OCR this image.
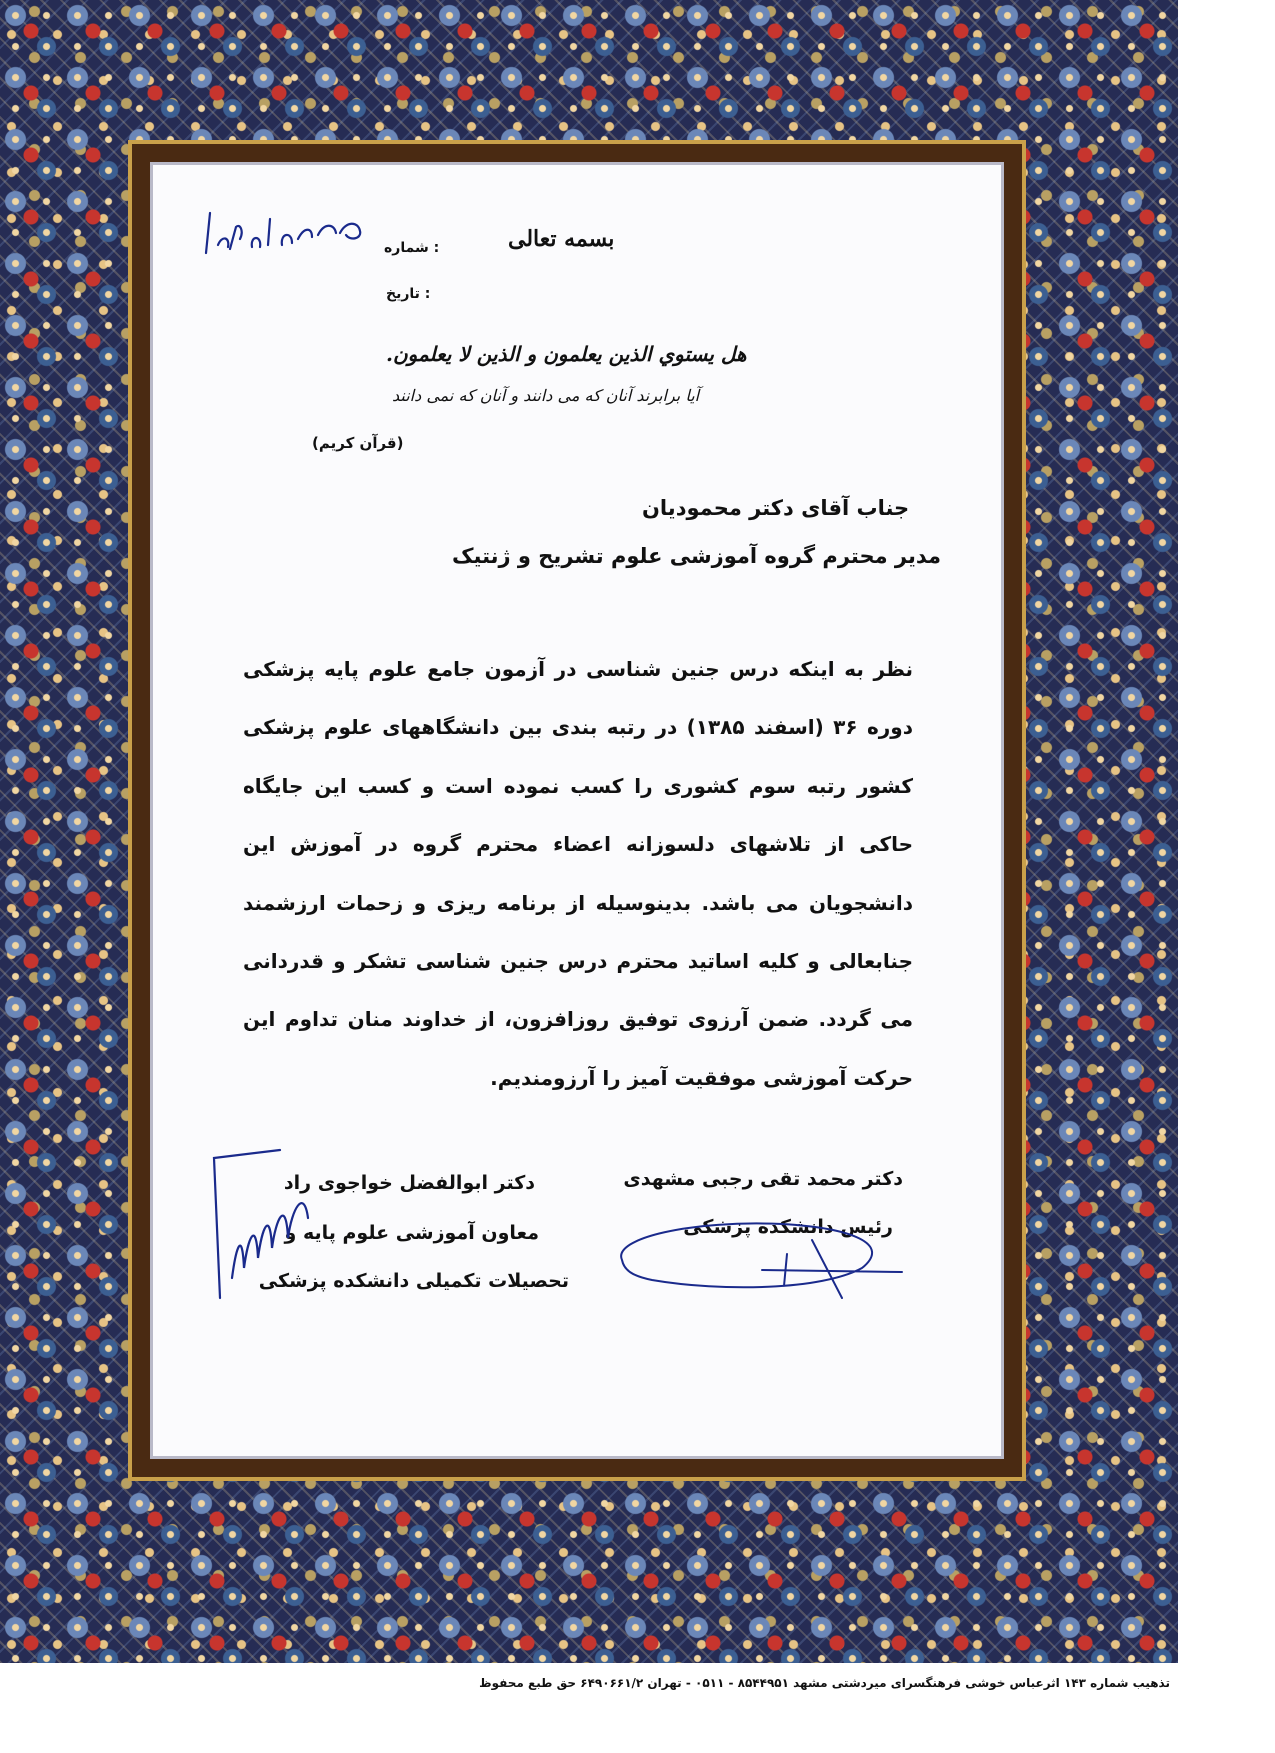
بسمه تعالی
شماره :
تاریخ :
هل يستوي الذين يعلمون و الذين لا يعلمون.
آيا برابرند آنان كه مى دانند و آنان كه نمى دانند
(قرآن کریم)
جناب آقای دکتر محمودیان
مدیر محترم گروه آموزشی علوم تشریح و ژنتیک

نظر به اینکه درس جنین شناسی در آزمون جامع علوم پایه پزشکی دوره ۳۶ (اسفند ۱۳۸۵) در رتبه بندی بین دانشگاههای علوم پزشکی کشور رتبه سوم کشوری را کسب نموده است و کسب این جایگاه حاکی از تلاشهای دلسوزانه اعضاء محترم گروه در آموزش این دانشجویان می باشد. بدینوسیله از برنامه ریزی و زحمات ارزشمند جنابعالی و کلیه اساتید محترم درس جنین شناسی تشکر و قدردانی می گردد. ضمن آرزوی توفیق روزافزون، از خداوند منان تداوم این حرکت آموزشی موفقیت آمیز را آرزومندیم.

دکتر محمد تقی رجبی مشهدی
رئیس دانشکده پزشکی
دکتر ابوالفضل خواجوی راد
معاون آموزشی علوم پایه و
تحصیلات تکمیلی دانشکده پزشکی
تذهیب شماره ۱۴۳ اثرعباس خوشی فرهنگسرای میردشتی مشهد ۸۵۴۴۹۵۱ - ۰۵۱۱ - تهران ۶۴۹۰۶۶۱/۲ حق طبع محفوظ
